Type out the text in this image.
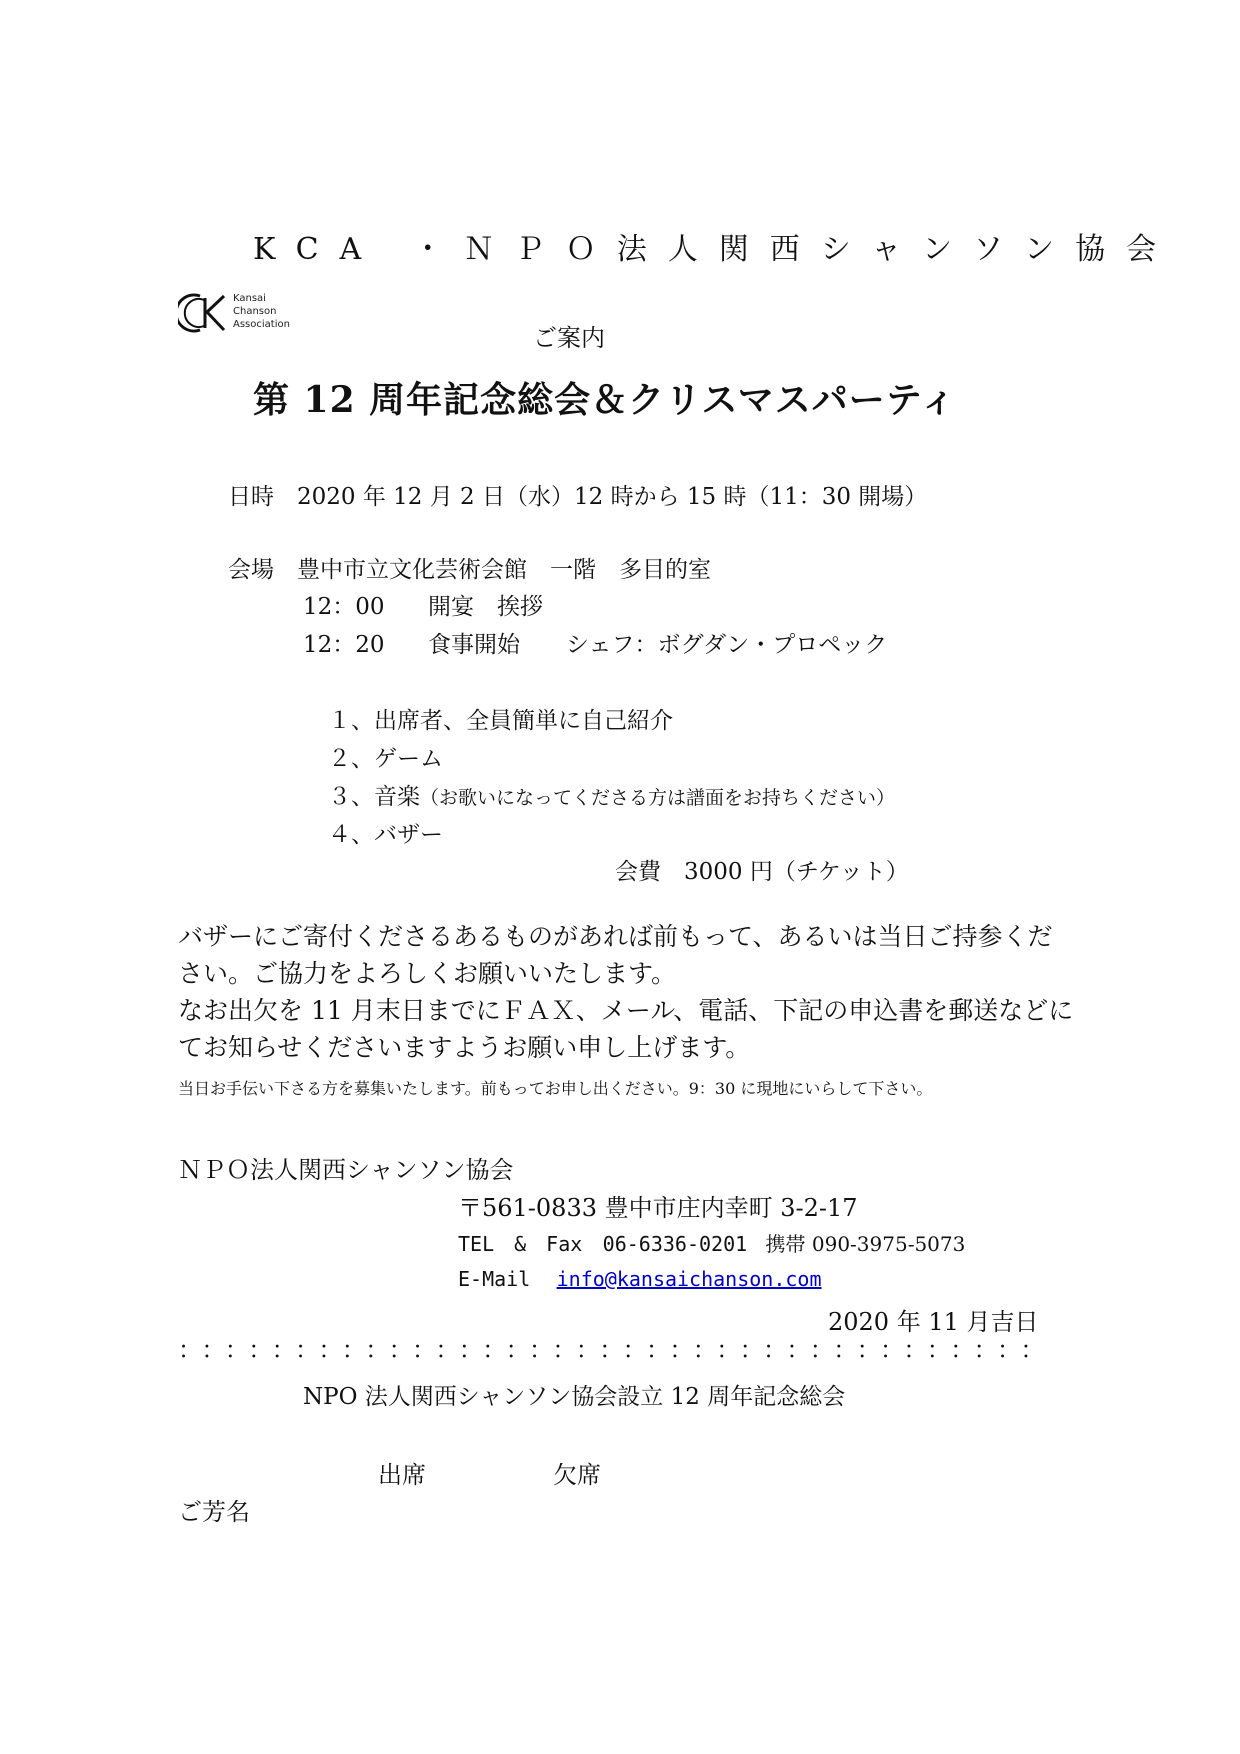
KCA ・ＮＰＯ法人関西シャンソン協会
Kansai
Chanson
Association	ご案内
第 12 周年記念総会＆クリスマスパーティ
日時　2020 年 12 月 2 日（水）12 時から 15 時（11：30 開場）
会場　豊中市立文化芸術会館　一階　多目的室
12：00 開宴　挨拶
12：20 食事開始　　シェフ：ボグダン・プロペック
１、出席者、全員簡単に自己紹介
２、ゲーム
３、音楽（お歌いになってくださる方は譜面をお持ちください）
４、バザー
会費　3000 円（チケット）
バザーにご寄付くださるあるものがあれば前もって、あるいは当日ご持参くだ
さい。ご協力をよろしくお願いいたします。
なお出欠を 11 月末日までにＦＡＸ、メール、電話、下記の申込書を郵送などに
てお知らせくださいますようお願い申し上げます。
当日お手伝い下さる方を募集いたします。前もってお申し出ください。9：30 に現地にいらして下さい。
ＮＰＯ法人関西シャンソン協会
〒561-0833 豊中市庄内幸町 3-2-17
TEL　&　Fax 06-6336-0201 携帯 090-3975-5073
E-Mail info@kansaichanson.com
2020 年 11 月吉日
：：：：：：：：：：：：：：：：：：：：：：：：：：：：：：：：：：：：：
NPO 法人関西シャンソン協会設立 12 周年記念総会
出席	欠席
ご芳名
